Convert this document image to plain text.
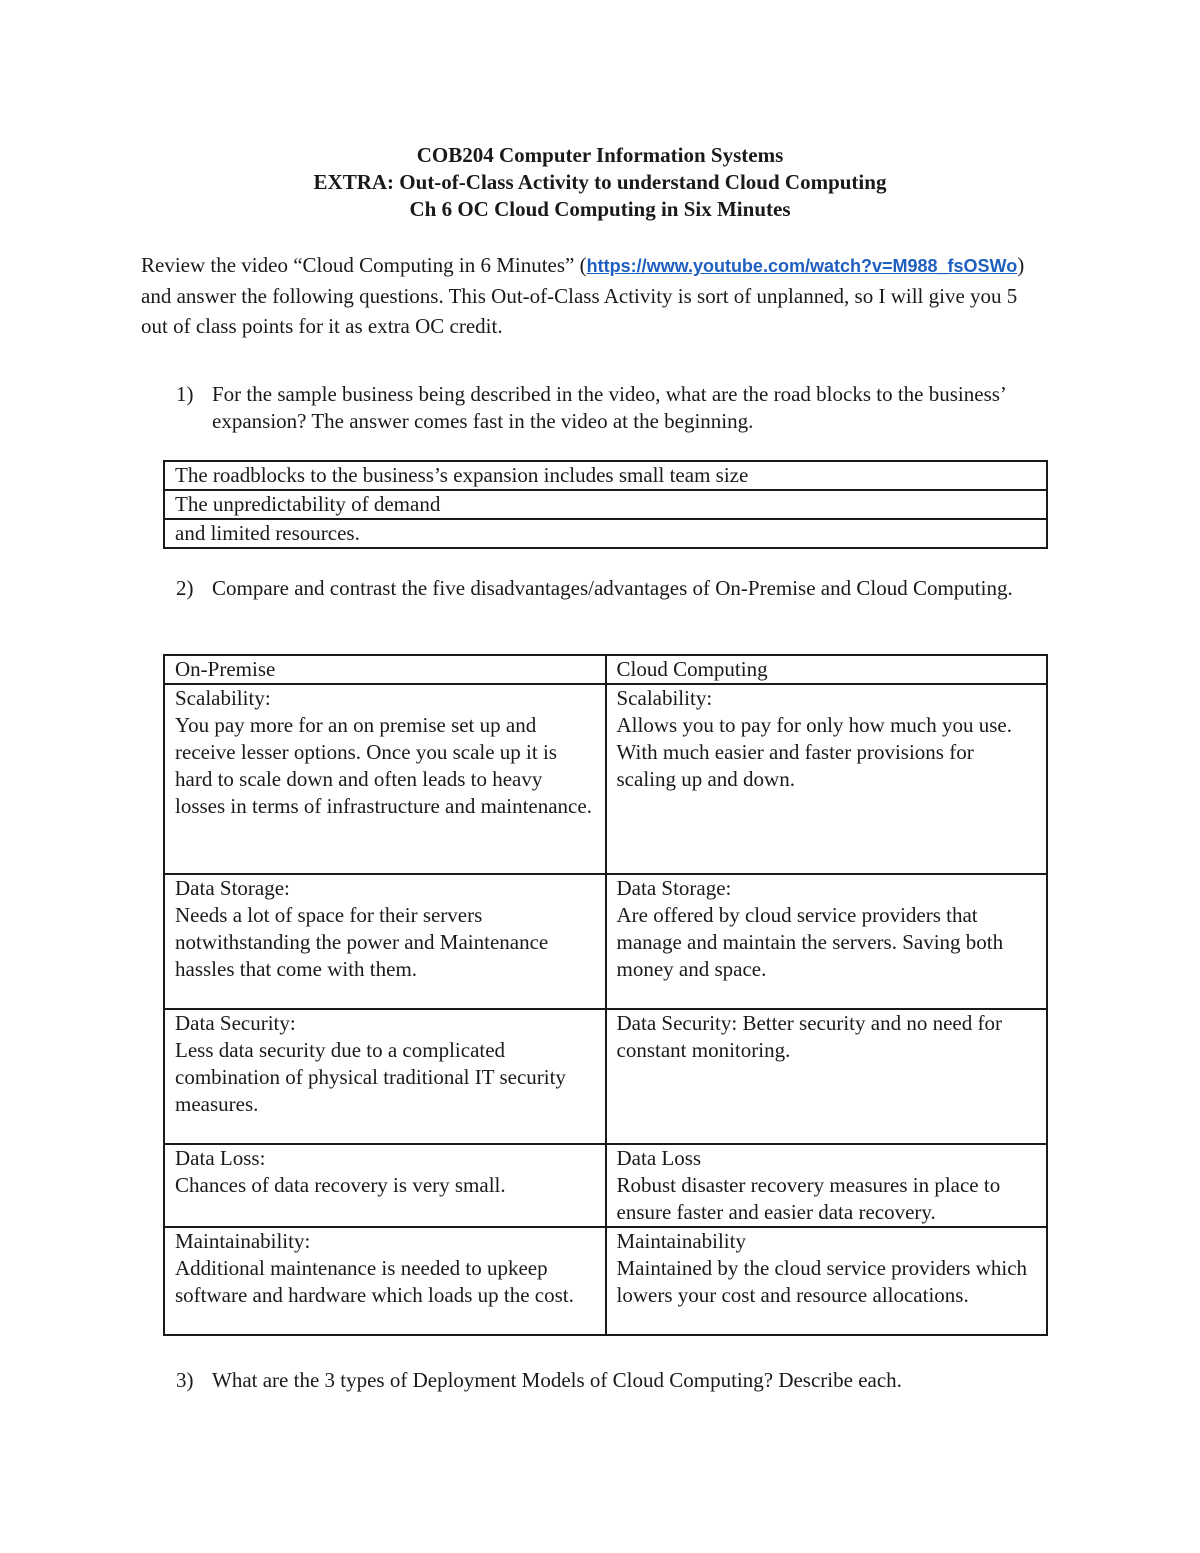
COB204 Computer Information Systems
EXTRA: Out-of-Class Activity to understand Cloud Computing
Ch 6 OC Cloud Computing in Six Minutes
Review the video “Cloud Computing in 6 Minutes” (https://www.youtube.com/watch?v=M988_fsOSWo) and answer the following questions. This Out-of-Class Activity is sort of unplanned, so I will give you 5 out of class points for it as extra OC credit.
1) For the sample business being described in the video, what are the road blocks to the business’ expansion? The answer comes fast in the video at the beginning.
The roadblocks to the business’s expansion includes small team size
The unpredictability of demand
and limited resources.
2) Compare and contrast the five disadvantages/advantages of On-Premise and Cloud Computing.
On-Premise	Cloud Computing

Scalability:
You pay more for an on premise set up and receive lesser options. Once you scale up it is hard to scale down and often leads to heavy losses in terms of infrastructure and maintenance.	Scalability:
Allows you to pay for only how much you use. With much easier and faster provisions for scaling up and down.

Data Storage:
Needs a lot of space for their servers notwithstanding the power and Maintenance hassles that come with them.	Data Storage:
Are offered by cloud service providers that manage and maintain the servers. Saving both money and space.

Data Security:
Less data security due to a complicated combination of physical traditional IT security measures.	Data Security: Better security and no need for constant monitoring.

Data Loss:
Chances of data recovery is very small.	Data Loss
Robust disaster recovery measures in place to ensure faster and easier data recovery.

Maintainability:
Additional maintenance is needed to upkeep software and hardware which loads up the cost.	Maintainability
Maintained by the cloud service providers which lowers your cost and resource allocations.
3) What are the 3 types of Deployment Models of Cloud Computing? Describe each.
